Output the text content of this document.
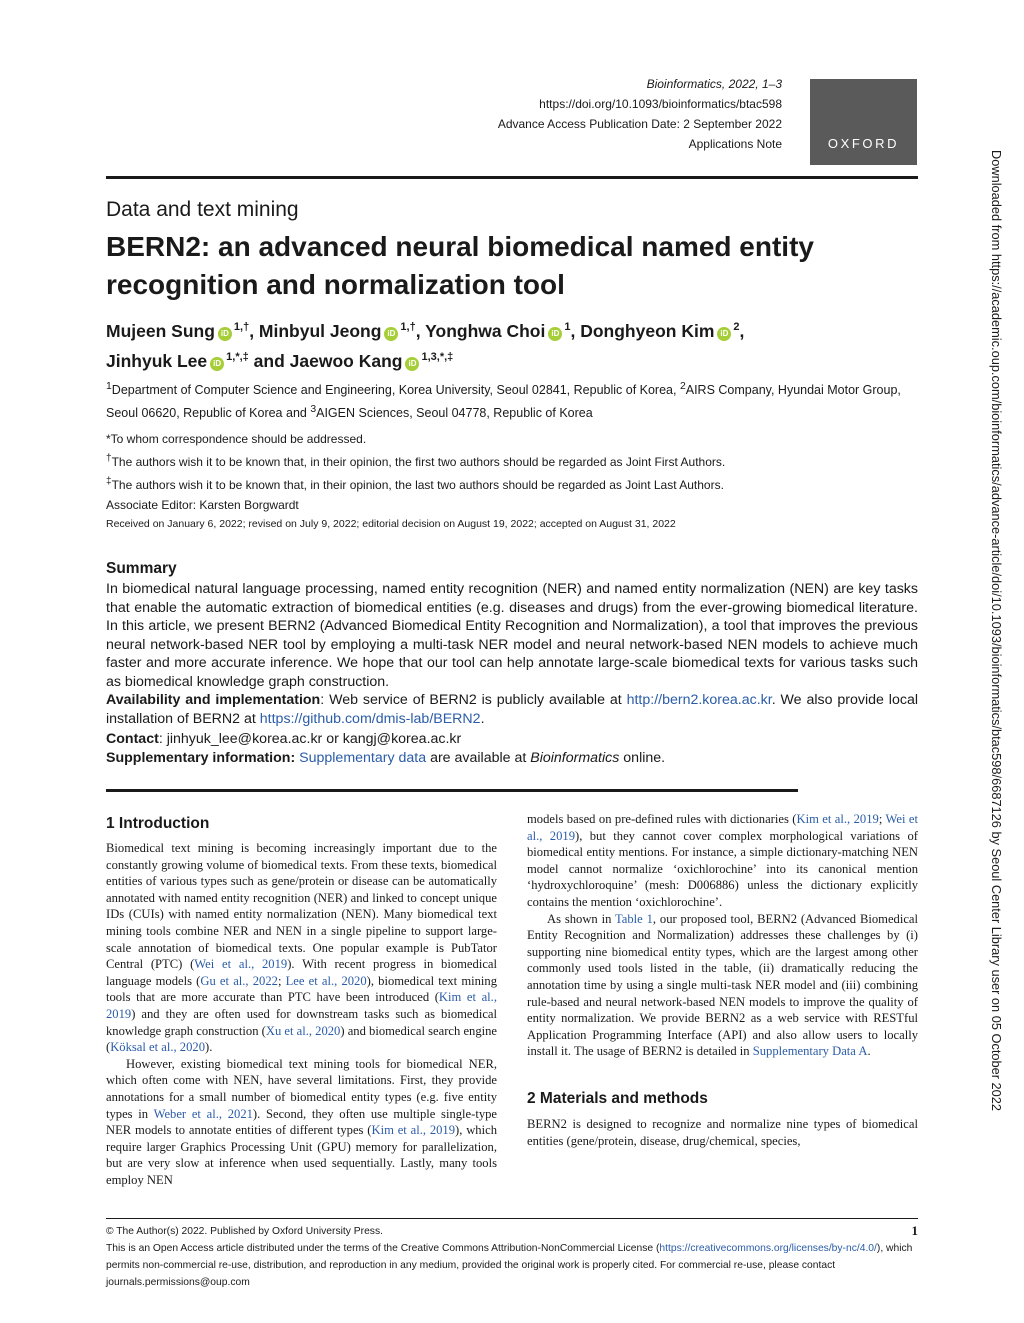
Bioinformatics, 2022, 1–3
https://doi.org/10.1093/bioinformatics/btac598
Advance Access Publication Date: 2 September 2022
Applications Note	OXFORD
Data and text mining
BERN2: an advanced neural biomedical named entity recognition and normalization tool
Mujeen Sung $iD^{1,\dagger}$, Minbyul Jeong $iD^{1,\dagger}$, Yonghwa Choi $iD^1$, Donghyeon Kim $iD^2$,
Jinhyuk Lee $iD^{1,*,\ddagger}$ and Jaewoo Kang $iD^{1,3,*,\ddagger}$
$^1$Department of Computer Science and Engineering, Korea University, Seoul 02841, Republic of Korea, $^2$AIRS Company, Hyundai Motor Group, Seoul 06620, Republic of Korea and $^3$AIGEN Sciences, Seoul 04778, Republic of Korea
*To whom correspondence should be addressed.
†The authors wish it to be known that, in their opinion, the first two authors should be regarded as Joint First Authors.
‡The authors wish it to be known that, in their opinion, the last two authors should be regarded as Joint Last Authors.
Associate Editor: Karsten Borgwardt
Received on January 6, 2022; revised on July 9, 2022; editorial decision on August 19, 2022; accepted on August 31, 2022
Summary
In biomedical natural language processing, named entity recognition (NER) and named entity normalization (NEN) are key tasks that enable the automatic extraction of biomedical entities (e.g. diseases and drugs) from the ever-growing biomedical literature. In this article, we present BERN2 (Advanced Biomedical Entity Recognition and Normalization), a tool that improves the previous neural network-based NER tool by employing a multi-task NER model and neural network-based NEN models to achieve much faster and more accurate inference. We hope that our tool can help annotate large-scale biomedical texts for various tasks such as biomedical knowledge graph construction.
Availability and implementation: Web service of BERN2 is publicly available at http://bern2.korea.ac.kr. We also provide local installation of BERN2 at https://github.com/dmis-lab/BERN2.
Contact: jinhyuk_lee@korea.ac.kr or kangj@korea.ac.kr
Supplementary information: Supplementary data are available at Bioinformatics online.
1 Introduction

Biomedical text mining is becoming increasingly important due to the constantly growing volume of biomedical texts. From these texts, biomedical entities of various types such as gene/protein or disease can be automatically annotated with named entity recognition (NER) and linked to concept unique IDs (CUIs) with named entity normalization (NEN). Many biomedical text mining tools combine NER and NEN in a single pipeline to support large-scale annotation of biomedical texts. One popular example is PubTator Central (PTC) (Wei et al., 2019). With recent progress in biomedical language models (Gu et al., 2022; Lee et al., 2020), biomedical text mining tools that are more accurate than PTC have been introduced (Kim et al., 2019) and they are often used for downstream tasks such as biomedical knowledge graph construction (Xu et al., 2020) and biomedical search engine (Köksal et al., 2020).

However, existing biomedical text mining tools for biomedical NER, which often come with NEN, have several limitations. First, they provide annotations for a small number of biomedical entity types (e.g. five entity types in Weber et al., 2021). Second, they often use multiple single-type NER models to annotate entities of different types (Kim et al., 2019), which require larger Graphics Processing Unit (GPU) memory for parallelization, but are very slow at inference when used sequentially. Lastly, many tools employ NEN

models based on pre-defined rules with dictionaries (Kim et al., 2019; Wei et al., 2019), but they cannot cover complex morphological variations of biomedical entity mentions. For instance, a simple dictionary-matching NEN model cannot normalize ‘oxichlorochine’ into its canonical mention ‘hydroxychloroquine’ (mesh: D006886) unless the dictionary explicitly contains the mention ‘oxichlorochine’.

As shown in Table 1, our proposed tool, BERN2 (Advanced Biomedical Entity Recognition and Normalization) addresses these challenges by (i) supporting nine biomedical entity types, which are the largest among other commonly used tools listed in the table, (ii) dramatically reducing the annotation time by using a single multi-task NER model and (iii) combining rule-based and neural network-based NEN models to improve the quality of entity normalization. We provide BERN2 as a web service with RESTful Application Programming Interface (API) and also allow users to locally install it. The usage of BERN2 is detailed in Supplementary Data A.

2 Materials and methods

BERN2 is designed to recognize and normalize nine types of biomedical entities (gene/protein, disease, drug/chemical, species,

© The Author(s) 2022. Published by Oxford University Press.	1
This is an Open Access article distributed under the terms of the Creative Commons Attribution-NonCommercial License (https://creativecommons.org/licenses/by-nc/4.0/), which permits non-commercial re-use, distribution, and reproduction in any medium, provided the original work is properly cited. For commercial re-use, please contact journals.permissions@oup.com
Downloaded from https://academic.oup.com/bioinformatics/advance-article/doi/10.1093/bioinformatics/btac598/6687126 by Seoul Center Library user on 05 October 2022
